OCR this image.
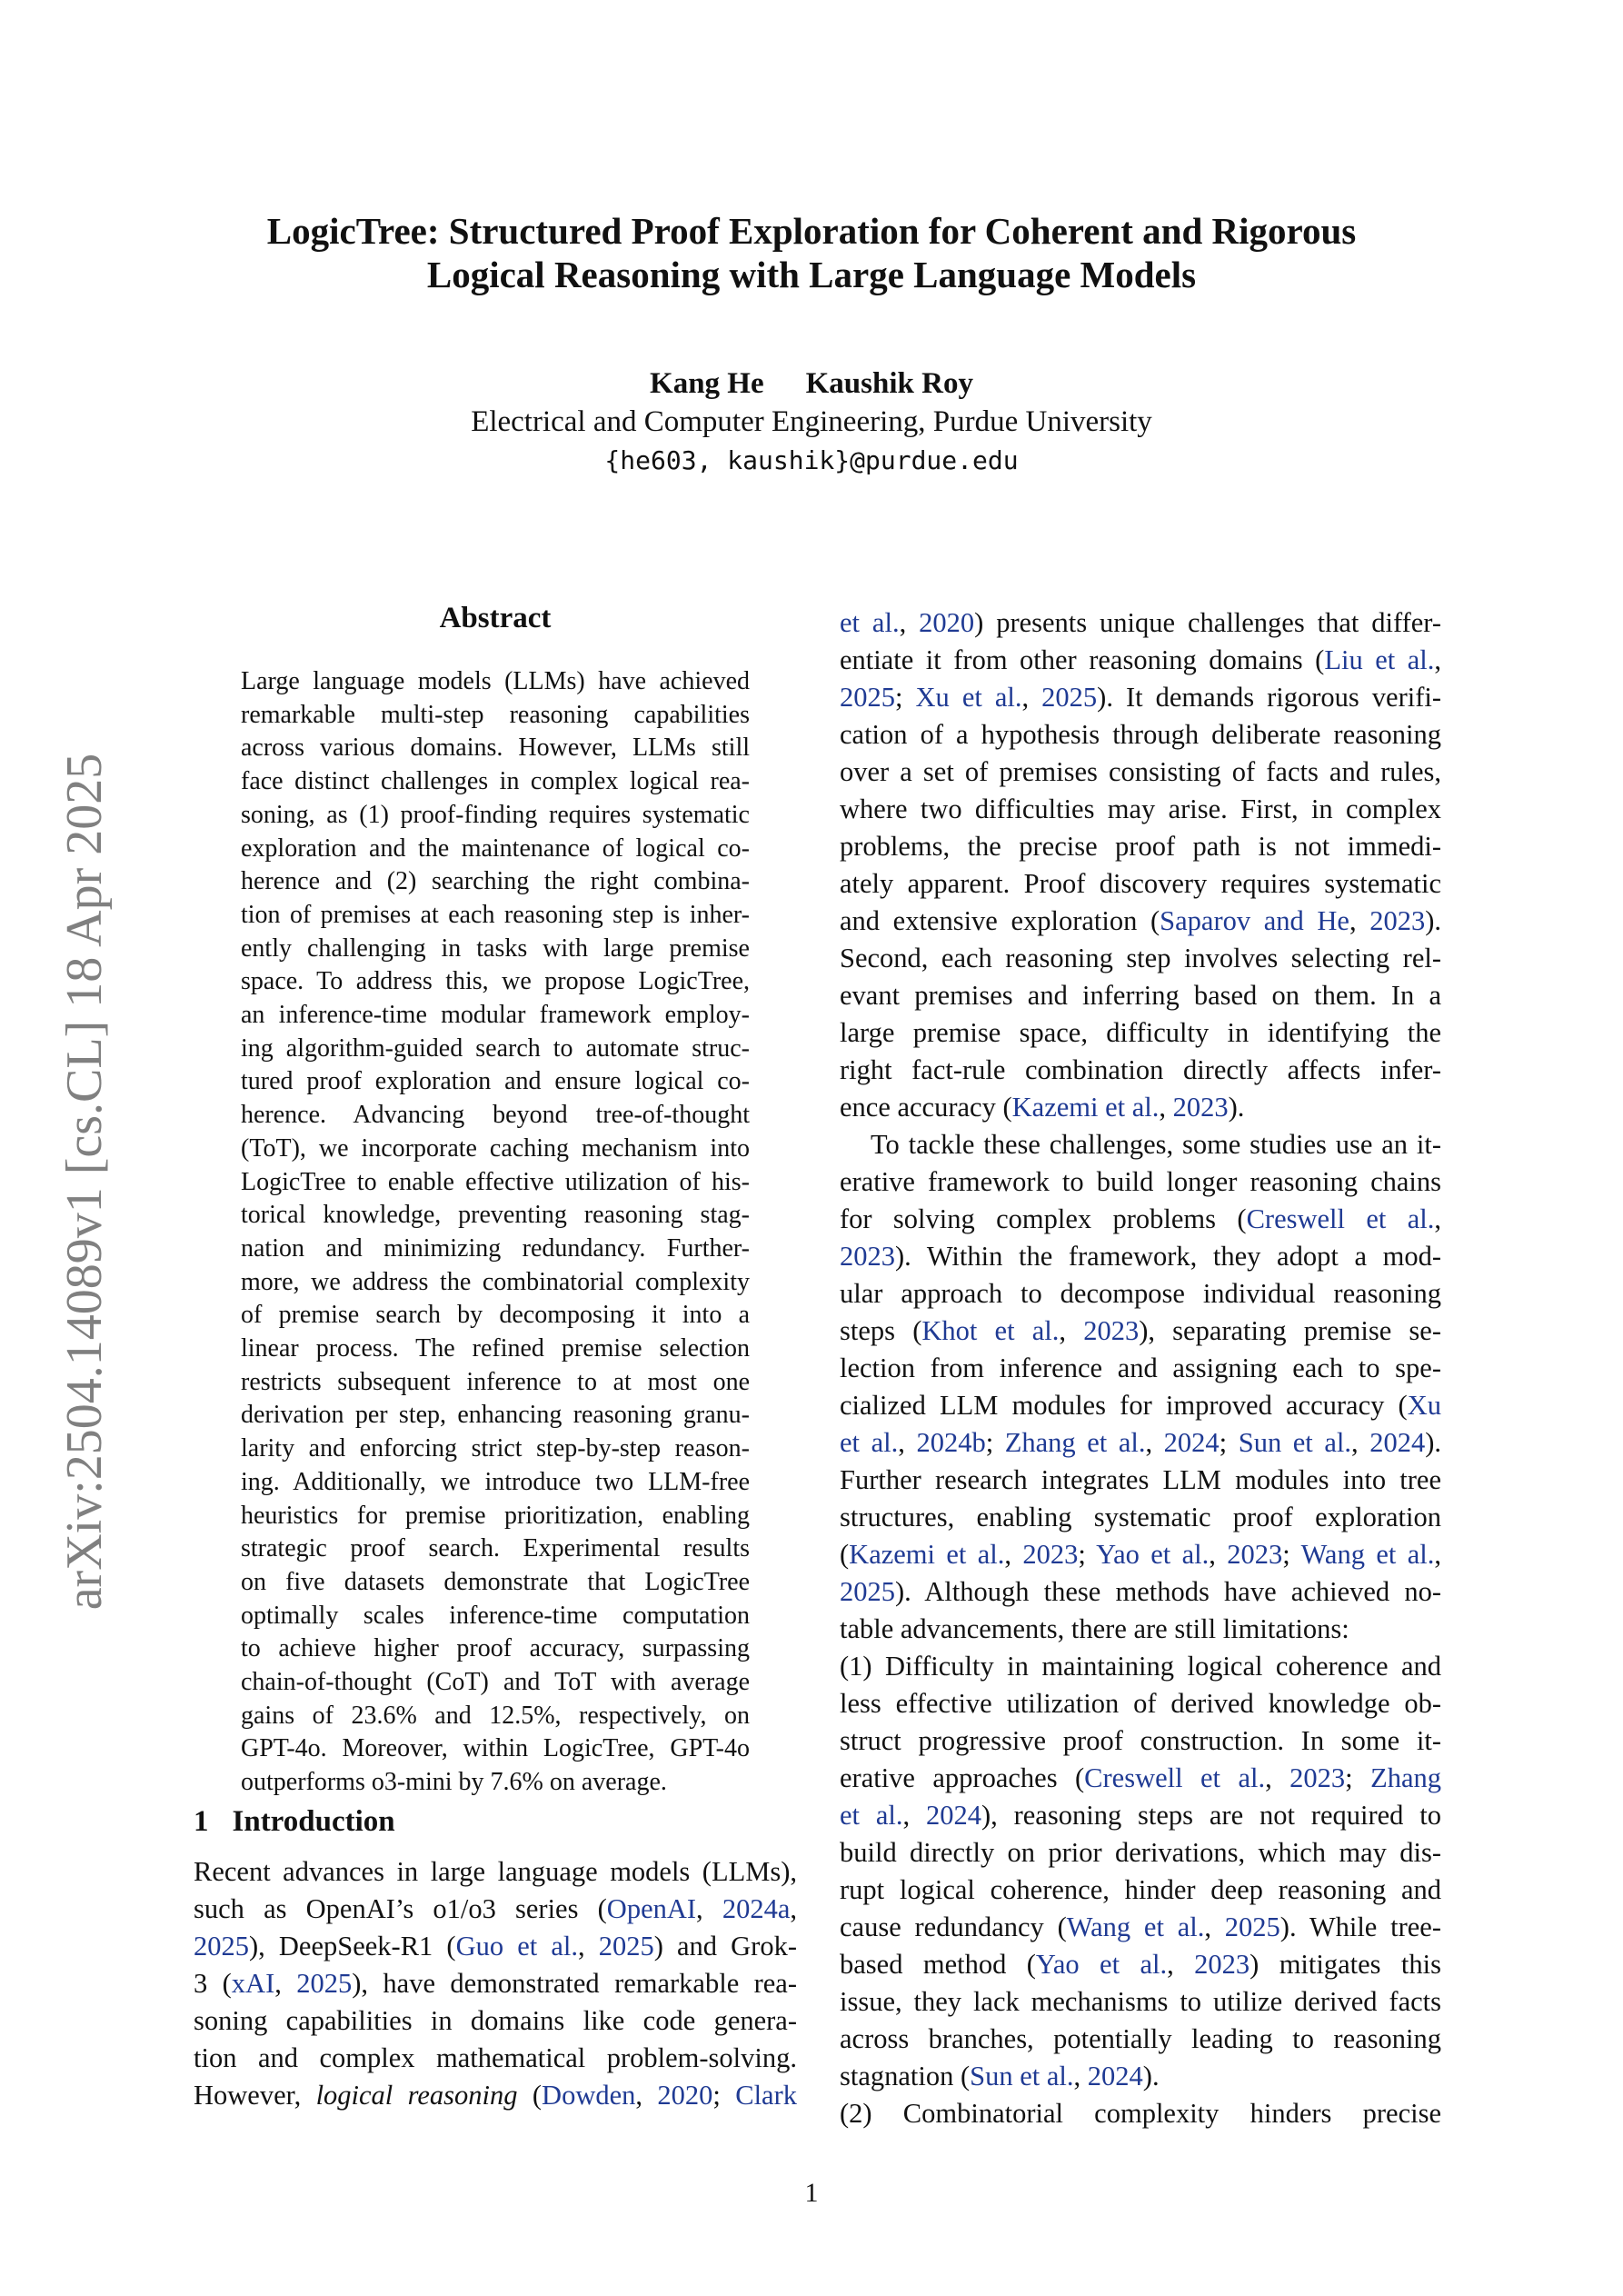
LogicTree: Structured Proof Exploration for Coherent and Rigorous
Logical Reasoning with Large Language Models
Kang He Kaushik Roy
Electrical and Computer Engineering, Purdue University
{he603, kaushik}@purdue.edu
arXiv:2504.14089v1 [cs.CL] 18 Apr 2025
Abstract
Large language models (LLMs) have achieved
remarkable multi-step reasoning capabilities
across various domains. However, LLMs still
face distinct challenges in complex logical rea-
soning, as (1) proof-finding requires systematic
exploration and the maintenance of logical co-
herence and (2) searching the right combina-
tion of premises at each reasoning step is inher-
ently challenging in tasks with large premise
space. To address this, we propose LogicTree,
an inference-time modular framework employ-
ing algorithm-guided search to automate struc-
tured proof exploration and ensure logical co-
herence. Advancing beyond tree-of-thought
(ToT), we incorporate caching mechanism into
LogicTree to enable effective utilization of his-
torical knowledge, preventing reasoning stag-
nation and minimizing redundancy. Further-
more, we address the combinatorial complexity
of premise search by decomposing it into a
linear process. The refined premise selection
restricts subsequent inference to at most one
derivation per step, enhancing reasoning granu-
larity and enforcing strict step-by-step reason-
ing. Additionally, we introduce two LLM-free
heuristics for premise prioritization, enabling
strategic proof search. Experimental results
on five datasets demonstrate that LogicTree
optimally scales inference-time computation
to achieve higher proof accuracy, surpassing
chain-of-thought (CoT) and ToT with average
gains of 23.6% and 12.5%, respectively, on
GPT-4o. Moreover, within LogicTree, GPT-4o
outperforms o3-mini by 7.6% on average.
1 Introduction
Recent advances in large language models (LLMs),
such as OpenAI’s o1/o3 series (OpenAI, 2024a,
2025), DeepSeek-R1 (Guo et al., 2025) and Grok-
3 (xAI, 2025), have demonstrated remarkable rea-
soning capabilities in domains like code genera-
tion and complex mathematical problem-solving.
However, logical reasoning (Dowden, 2020; Clark
et al., 2020) presents unique challenges that differ-
entiate it from other reasoning domains (Liu et al.,
2025; Xu et al., 2025). It demands rigorous verifi-
cation of a hypothesis through deliberate reasoning
over a set of premises consisting of facts and rules,
where two difficulties may arise. First, in complex
problems, the precise proof path is not immedi-
ately apparent. Proof discovery requires systematic
and extensive exploration (Saparov and He, 2023).
Second, each reasoning step involves selecting rel-
evant premises and inferring based on them. In a
large premise space, difficulty in identifying the
right fact-rule combination directly affects infer-
ence accuracy (Kazemi et al., 2023).
To tackle these challenges, some studies use an it-
erative framework to build longer reasoning chains
for solving complex problems (Creswell et al.,
2023). Within the framework, they adopt a mod-
ular approach to decompose individual reasoning
steps (Khot et al., 2023), separating premise se-
lection from inference and assigning each to spe-
cialized LLM modules for improved accuracy (Xu
et al., 2024b; Zhang et al., 2024; Sun et al., 2024).
Further research integrates LLM modules into tree
structures, enabling systematic proof exploration
(Kazemi et al., 2023; Yao et al., 2023; Wang et al.,
2025). Although these methods have achieved no-
table advancements, there are still limitations:
(1) Difficulty in maintaining logical coherence and
less effective utilization of derived knowledge ob-
struct progressive proof construction. In some it-
erative approaches (Creswell et al., 2023; Zhang
et al., 2024), reasoning steps are not required to
build directly on prior derivations, which may dis-
rupt logical coherence, hinder deep reasoning and
cause redundancy (Wang et al., 2025). While tree-
based method (Yao et al., 2023) mitigates this
issue, they lack mechanisms to utilize derived facts
across branches, potentially leading to reasoning
stagnation (Sun et al., 2024).
(2) Combinatorial complexity hinders precise
1
